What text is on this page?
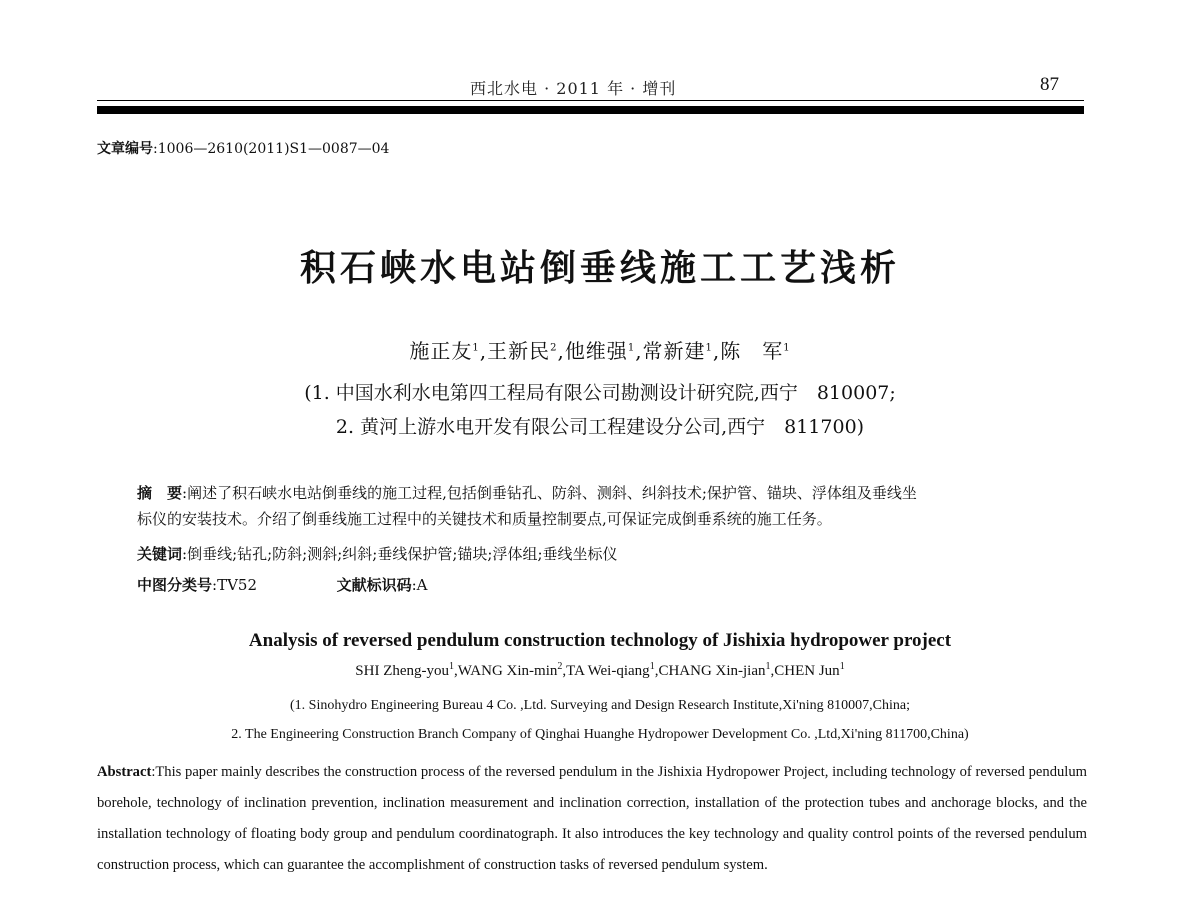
西北水电 · 2011 年 · 增刊	87
文章编号:1006—2610(2011)S1—0087—04
积石峡水电站倒垂线施工工艺浅析
施正友$^1$,王新民$^2$,他维强$^1$,常新建$^1$,陈　军$^1$
(1. 中国水利水电第四工程局有限公司勘测设计研究院,西宁　810007;
2. 黄河上游水电开发有限公司工程建设分公司,西宁　811700)
摘　要:阐述了积石峡水电站倒垂线的施工过程,包括倒垂钻孔、防斜、测斜、纠斜技术;保护管、锚块、浮体组及垂线坐
标仪的安装技术。介绍了倒垂线施工过程中的关键技术和质量控制要点,可保证完成倒垂系统的施工任务。
关键词:倒垂线;钻孔;防斜;测斜;纠斜;垂线保护管;锚块;浮体组;垂线坐标仪
中图分类号:TV52	文献标识码:A
Analysis of reversed pendulum construction technology of Jishixia hydropower project
SHI Zheng-you$^1$,WANG Xin-$\min^2,TA$ Wei-qiang$^1$,CHANG Xin-jian$^1$,CHEN Jun$^1$
(1. Sinohydro Engineering Bureau 4 Co. ,Ltd. Surveying and Design Research Institute,Xi'ning 810007,China;
2. The Engineering Construction Branch Company of Qinghai Huanghe Hydropower Development Co. ,Ltd,Xi'ning 811700,China)
Abstract:This paper mainly describes the construction process of the reversed pendulum in the Jishixia Hydropower Project, including technology of reversed pendulum borehole, technology of inclination prevention, inclination measurement and inclination correction, installation of the protection tubes and anchorage blocks, and the installation technology of floating body group and pendulum coordinatograph. It also introduces the key technology and quality control points of the reversed pendulum construction process, which can guarantee the accomplishment of construction tasks of reversed pendulum system.
